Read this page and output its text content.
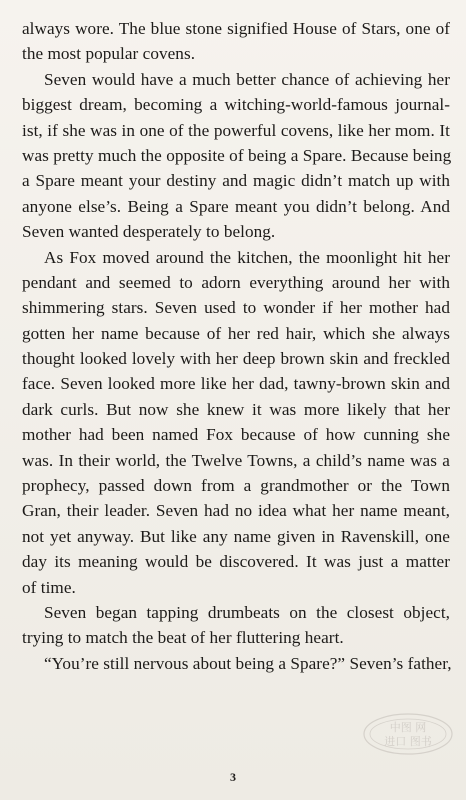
always wore. The blue stone signified House of Stars, one of
the most popular covens.
Seven would have a much better chance of achieving her
biggest dream, becoming a witching-world-famous journal-
ist, if she was in one of the powerful covens, like her mom. It
was pretty much the opposite of being a Spare. Because being
a Spare meant your destiny and magic didn’t match up with
anyone else’s. Being a Spare meant you didn’t belong. And
Seven wanted desperately to belong.
As Fox moved around the kitchen, the moonlight hit her
pendant and seemed to adorn everything around her with
shimmering stars. Seven used to wonder if her mother had
gotten her name because of her red hair, which she always
thought looked lovely with her deep brown skin and freckled
face. Seven looked more like her dad, tawny-brown skin and
dark curls. But now she knew it was more likely that her
mother had been named Fox because of how cunning she
was. In their world, the Twelve Towns, a child’s name was a
prophecy, passed down from a grandmother or the Town
Gran, their leader. Seven had no idea what her name meant,
not yet anyway. But like any name given in Ravenskill, one
day its meaning would be discovered. It was just a matter
of time.
Seven began tapping drumbeats on the closest object,
trying to match the beat of her fluttering heart.
“You’re still nervous about being a Spare?” Seven’s father,
中图 网
进口 图书
3
